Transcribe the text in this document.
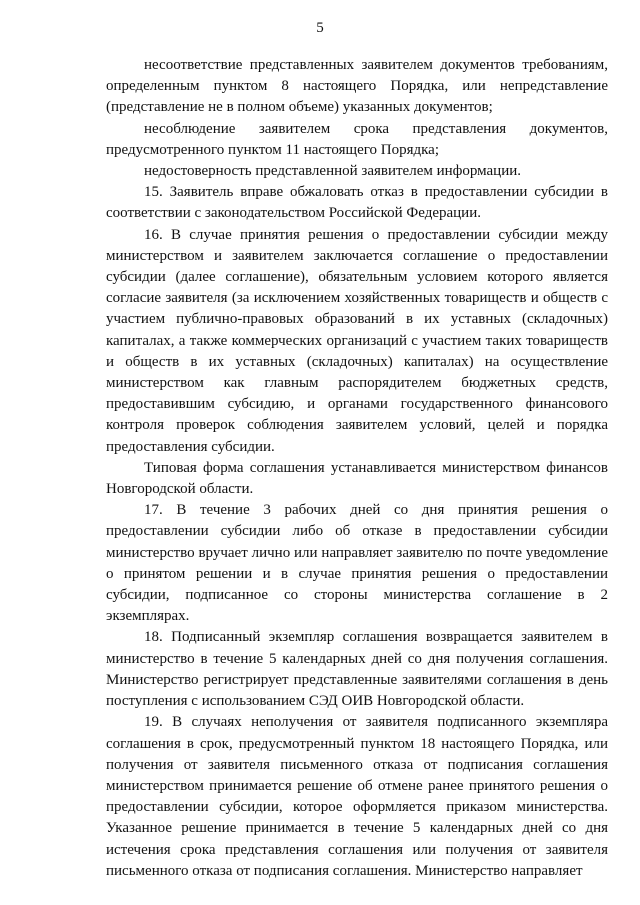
5

несоответствие представленных заявителем документов требованиям, определенным пунктом 8 настоящего Порядка, или непредставление (представление не в полном объеме) указанных документов;

несоблюдение заявителем срока представления документов, предусмотренного пунктом 11 настоящего Порядка;

недостоверность представленной заявителем информации.

15. Заявитель вправе обжаловать отказ в предоставлении субсидии в соответствии с законодательством Российской Федерации.

16. В случае принятия решения о предоставлении субсидии между министерством и заявителем заключается соглашение о предоставлении субсидии (далее соглашение), обязательным условием которого является согласие заявителя (за исключением хозяйственных товариществ и обществ с участием публично-правовых образований в их уставных (складочных) капиталах, а также коммерческих организаций с участием таких товариществ и обществ в их уставных (складочных) капиталах) на осуществление министерством как главным распорядителем бюджетных средств, предоставившим субсидию, и органами государственного финансового контроля проверок соблюдения заявителем условий, целей и порядка предоставления субсидии.

Типовая форма соглашения устанавливается министерством финансов Новгородской области.

17. В течение 3 рабочих дней со дня принятия решения о предоставлении субсидии либо об отказе в предоставлении субсидии министерство вручает лично или направляет заявителю по почте уведомление о принятом решении и в случае принятия решения о предоставлении субсидии, подписанное со стороны министерства соглашение в 2 экземплярах.

18. Подписанный экземпляр соглашения возвращается заявителем в министерство в течение 5 календарных дней со дня получения соглашения. Министерство регистрирует представленные заявителями соглашения в день поступления с использованием СЭД ОИВ Новгородской области.

19. В случаях неполучения от заявителя подписанного экземпляра соглашения в срок, предусмотренный пунктом 18 настоящего Порядка, или получения от заявителя письменного отказа от подписания соглашения министерством принимается решение об отмене ранее принятого решения о предоставлении субсидии, которое оформляется приказом министерства. Указанное решение принимается в течение 5 календарных дней со дня истечения срока представления соглашения или получения от заявителя письменного отказа от подписания соглашения. Министерство направляет
